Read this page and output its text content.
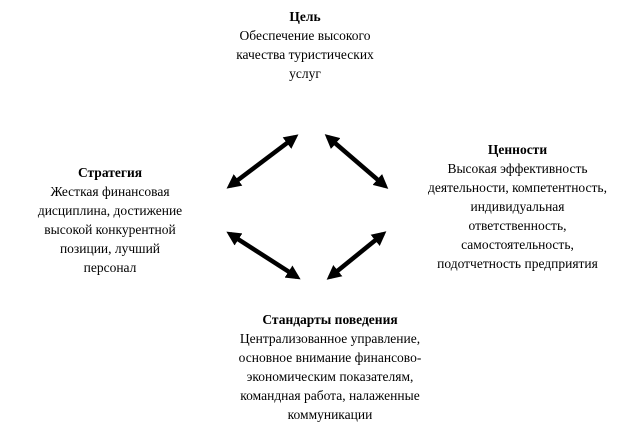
Цель
Обеспечение высокого
качества туристических
услуг
Ценности
Высокая эффективность
деятельности, компетентность,
индивидуальная
ответственность,
самостоятельность,
подотчетность предприятия
Стратегия
Жесткая финансовая
дисциплина, достижение
высокой конкурентной
позиции, лучший
персонал
Стандарты поведения
Централизованное управление,
основное внимание финансово-
экономическим показателям,
командная работа, налаженные
коммуникации
